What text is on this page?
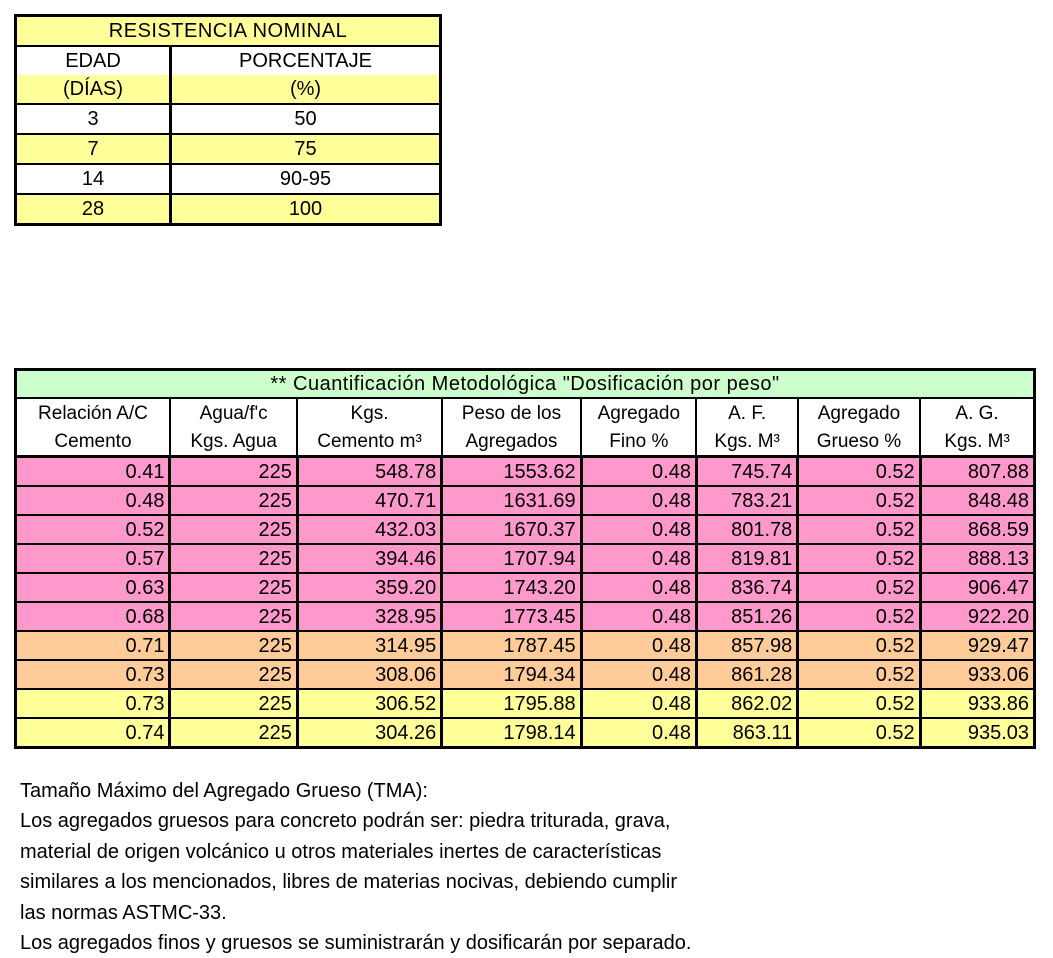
RESISTENCIA NOMINAL	
EDAD	PORCENTAJE
(DÍAS)	(%)
3	50
7	75
14	90-95
28	100
** Cuantificación Metodológica "Dosificación por peso"							
Relación A/C	Agua/f'c	Kgs.	Peso de los	Agregado	A. F.	Agregado	A. G.
Cemento	Kgs. Agua	Cemento m³	Agregados	Fino %	Kgs. M³	Grueso %	Kgs. M³
0.41	225	548.78	1553.62	0.48	745.74	0.52	807.88
0.48	225	470.71	1631.69	0.48	783.21	0.52	848.48
0.52	225	432.03	1670.37	0.48	801.78	0.52	868.59
0.57	225	394.46	1707.94	0.48	819.81	0.52	888.13
0.63	225	359.20	1743.20	0.48	836.74	0.52	906.47
0.68	225	328.95	1773.45	0.48	851.26	0.52	922.20
0.71	225	314.95	1787.45	0.48	857.98	0.52	929.47
0.73	225	308.06	1794.34	0.48	861.28	0.52	933.06
0.73	225	306.52	1795.88	0.48	862.02	0.52	933.86
0.74	225	304.26	1798.14	0.48	863.11	0.52	935.03

Tamaño Máximo del Agregado Grueso (TMA):

Los agregados gruesos para concreto podrán ser: piedra triturada, grava,

material de origen volcánico u otros materiales inertes de características

similares a los mencionados, libres de materias nocivas, debiendo cumplir

las normas ASTMC-33.

Los agregados finos y gruesos se suministrarán y dosificarán por separado.
